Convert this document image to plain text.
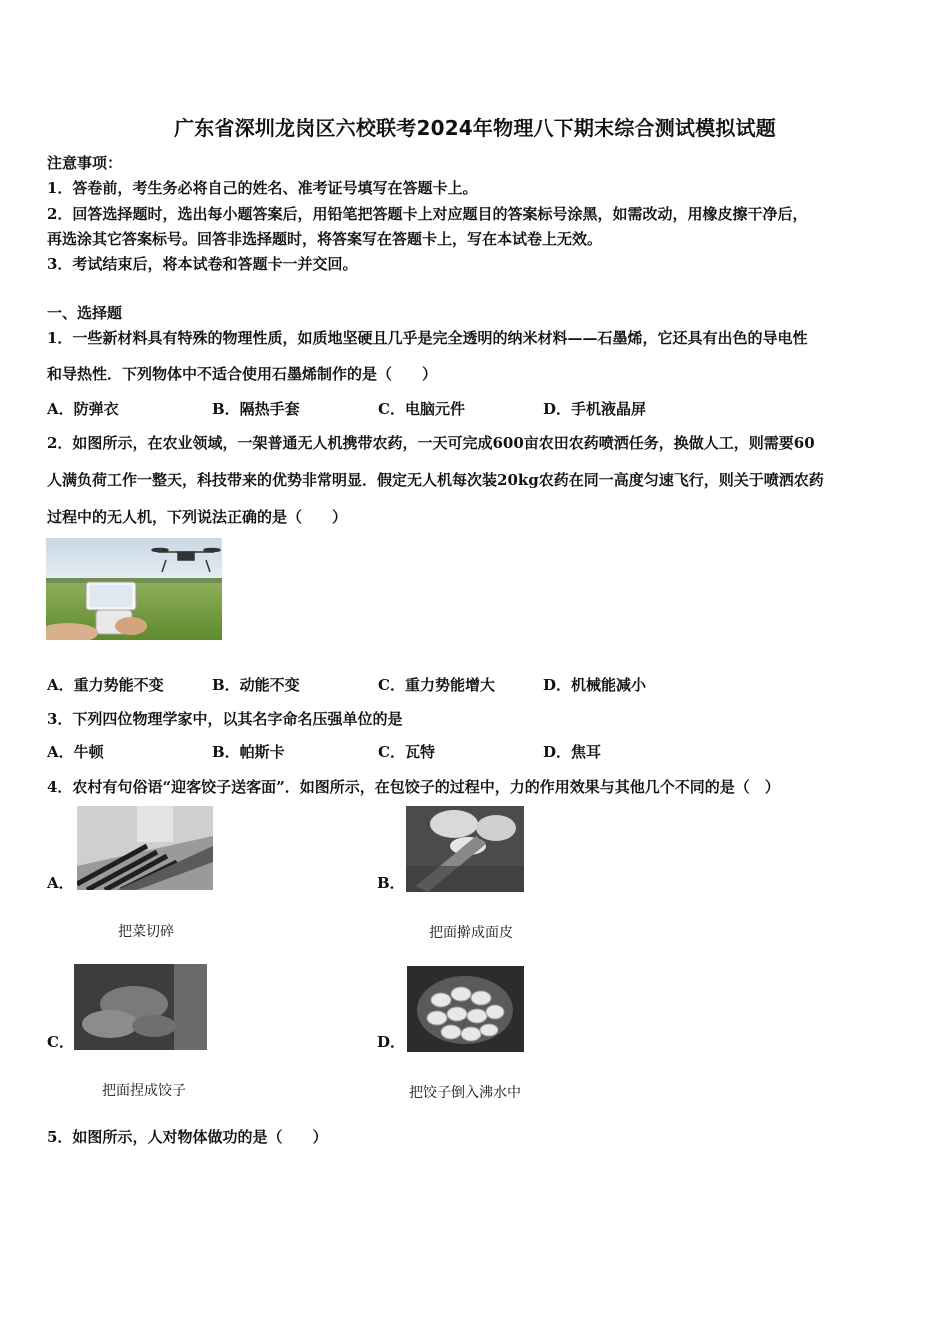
广东省深圳龙岗区六校联考2024年物理八下期末综合测试模拟试题
注意事项：
1．答卷前，考生务必将自己的姓名、准考证号填写在答题卡上。
2．回答选择题时，选出每小题答案后，用铅笔把答题卡上对应题目的答案标号涂黑，如需改动，用橡皮擦干净后，
再选涂其它答案标号。回答非选择题时，将答案写在答题卡上，写在本试卷上无效。
3．考试结束后，将本试卷和答题卡一并交回。
一、选择题
1．一些新材料具有特殊的物理性质，如质地坚硬且几乎是完全透明的纳米材料——石墨烯，它还具有出色的导电性
和导热性．下列物体中不适合使用石墨烯制作的是（　　）
A．防弹衣	B．隔热手套	C．电脑元件	D．手机液晶屏
2．如图所示，在农业领域，一架普通无人机携带农药，一天可完成600亩农田农药喷洒任务，换做人工，则需要60
人满负荷工作一整天，科技带来的优势非常明显．假定无人机每次装20kg农药在同一高度匀速飞行，则关于喷洒农药
过程中的无人机，下列说法正确的是（　　）
A．重力势能不变	B．动能不变	C．重力势能增大	D．机械能减小
3．下列四位物理学家中，以其名字命名压强单位的是
A．牛顿	B．帕斯卡	C．瓦特	D．焦耳
4．农村有句俗语“迎客饺子送客面”．如图所示，在包饺子的过程中，力的作用效果与其他几个不同的是（　）
A．
把菜切碎
B．
把面擀成面皮
C．
把面捏成饺子
D．
把饺子倒入沸水中
5．如图所示，人对物体做功的是（　　）
